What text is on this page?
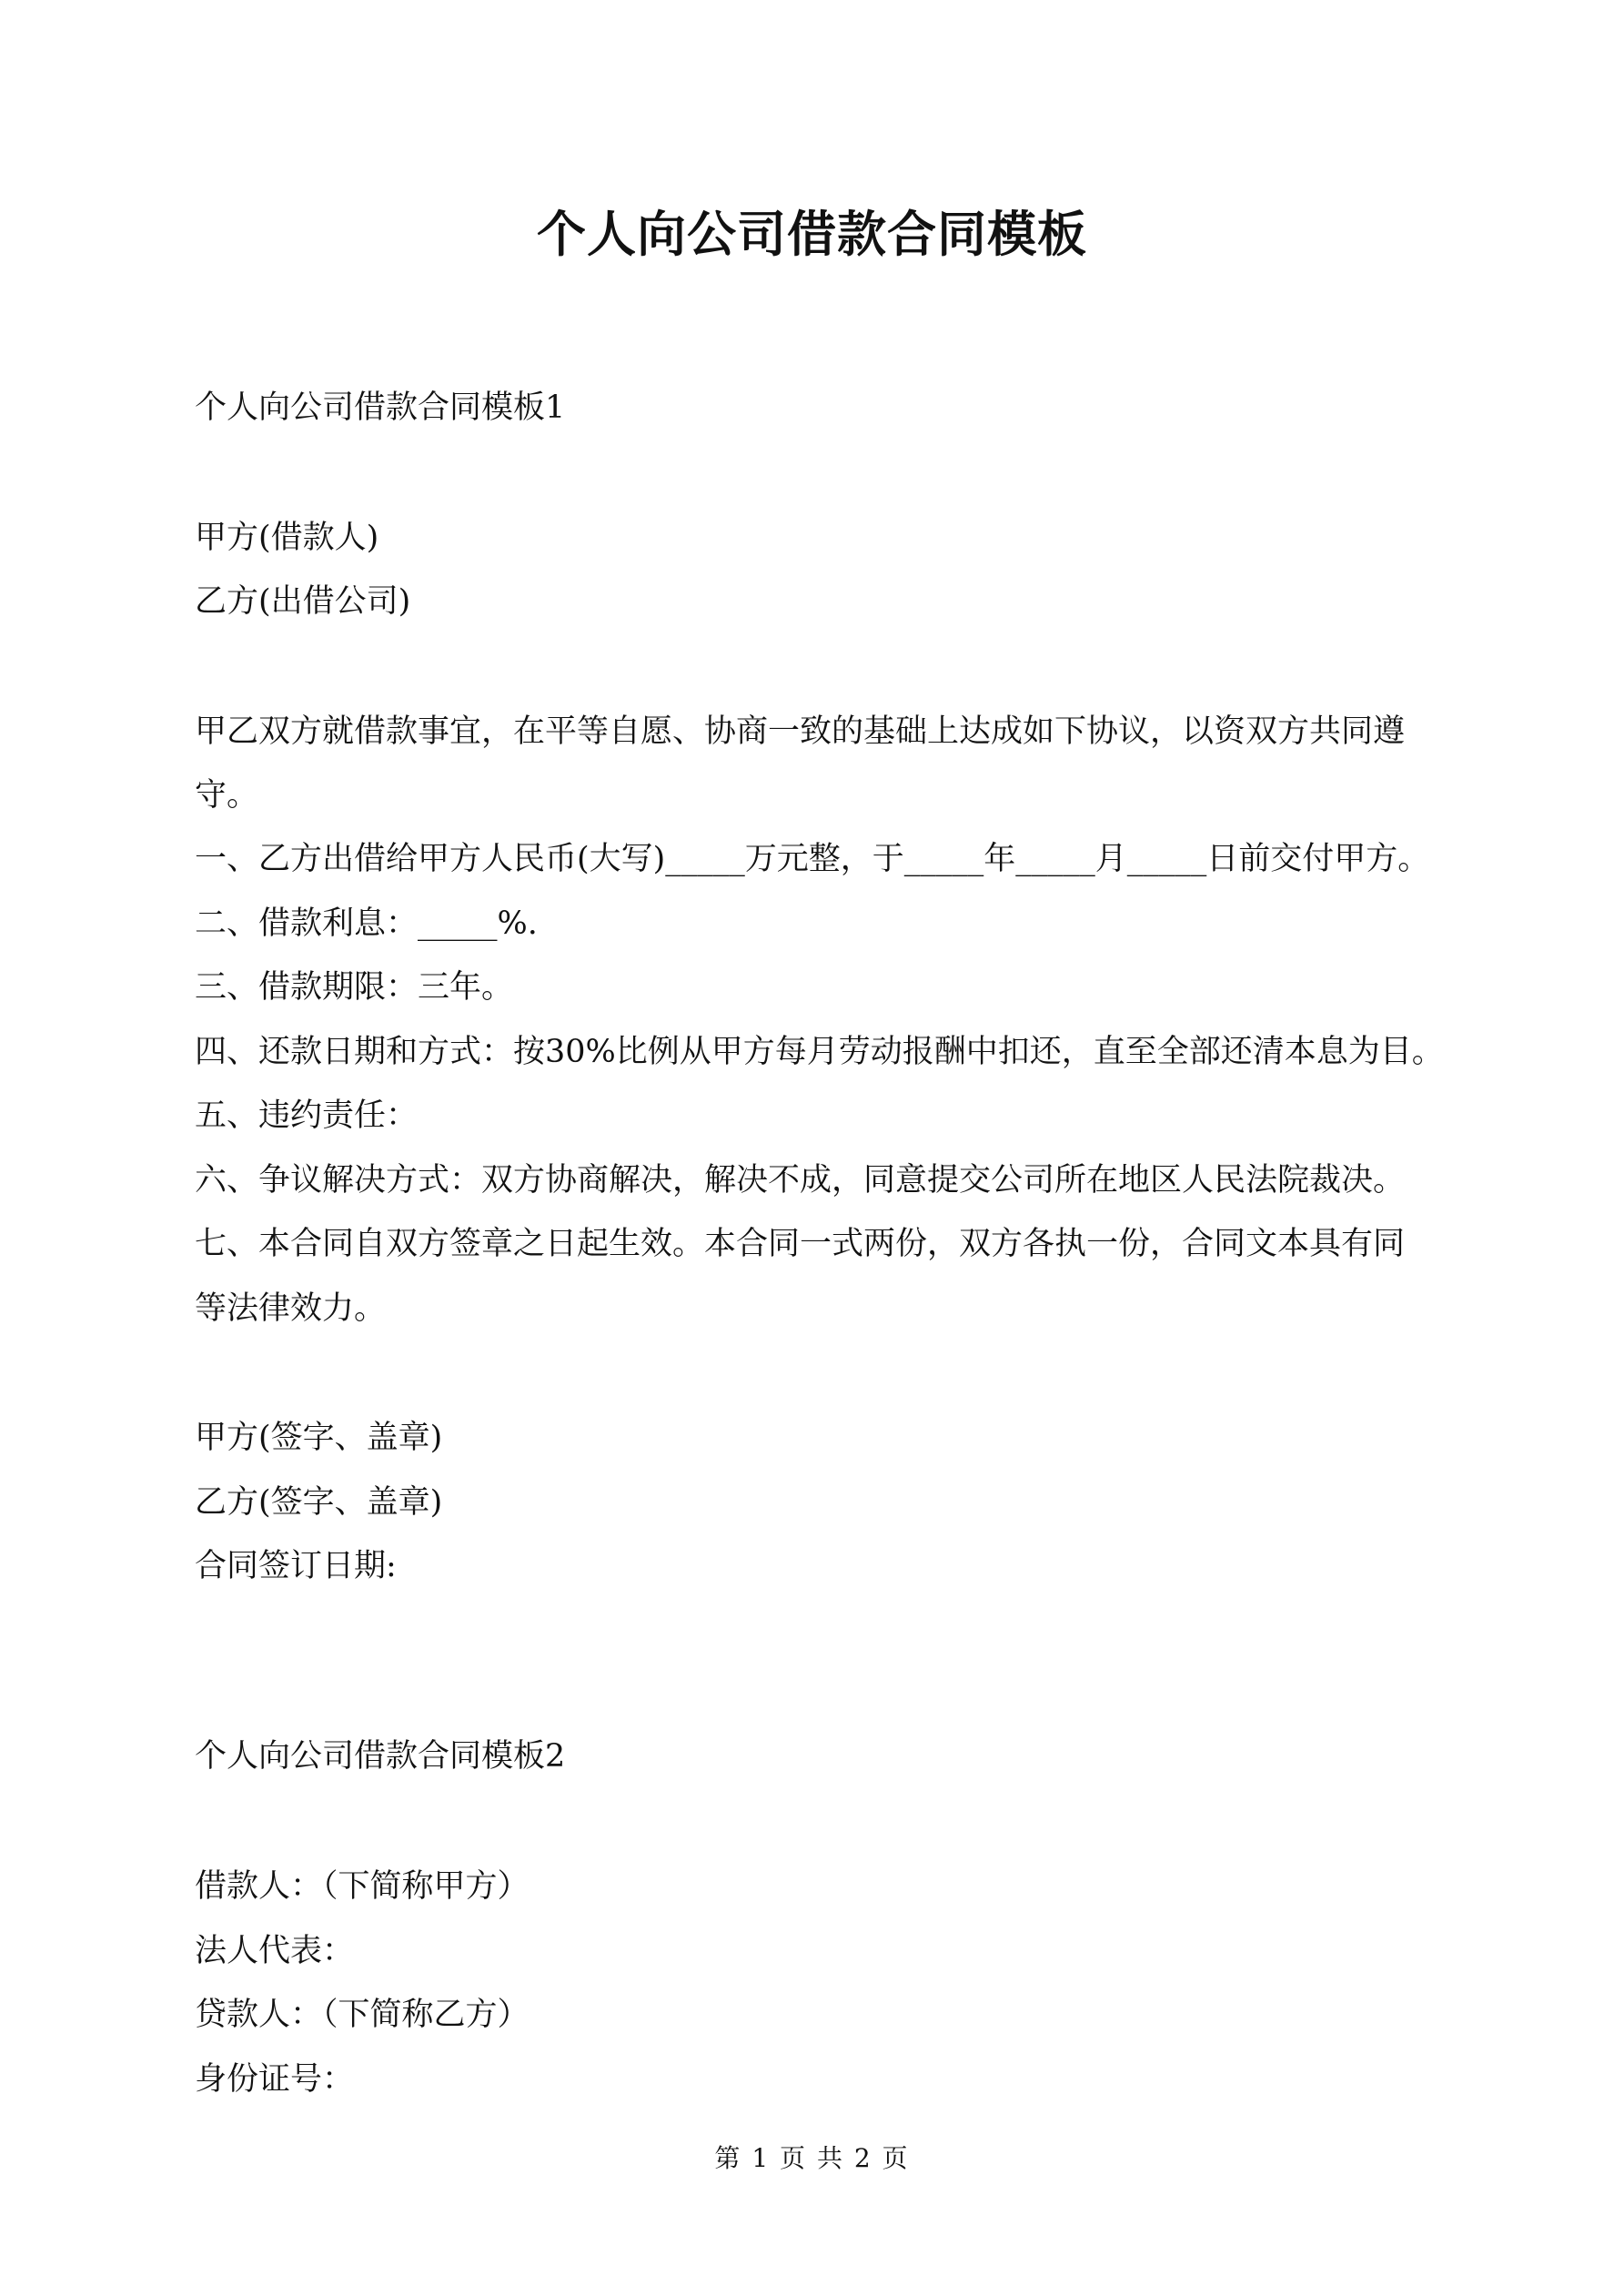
个人向公司借款合同模板
个人向公司借款合同模板1
甲方(借款人)
乙方(出借公司)
甲乙双方就借款事宜，在平等自愿、协商一致的基础上达成如下协议，以资双方共同遵
守。
一、乙方出借给甲方人民币(大写)_____万元整，于_____年_____月_____日前交付甲方。
二、借款利息：_____%.
三、借款期限：三年。
四、还款日期和方式：按30%比例从甲方每月劳动报酬中扣还，直至全部还清本息为目。
五、违约责任：
六、争议解决方式：双方协商解决，解决不成，同意提交公司所在地区人民法院裁决。
七、本合同自双方签章之日起生效。本合同一式两份，双方各执一份，合同文本具有同
等法律效力。
甲方(签字、盖章)
乙方(签字、盖章)
合同签订日期:
个人向公司借款合同模板2
借款人：（下简称甲方）
法人代表：
贷款人：（下简称乙方）
身份证号：
第 1 页 共 2 页
